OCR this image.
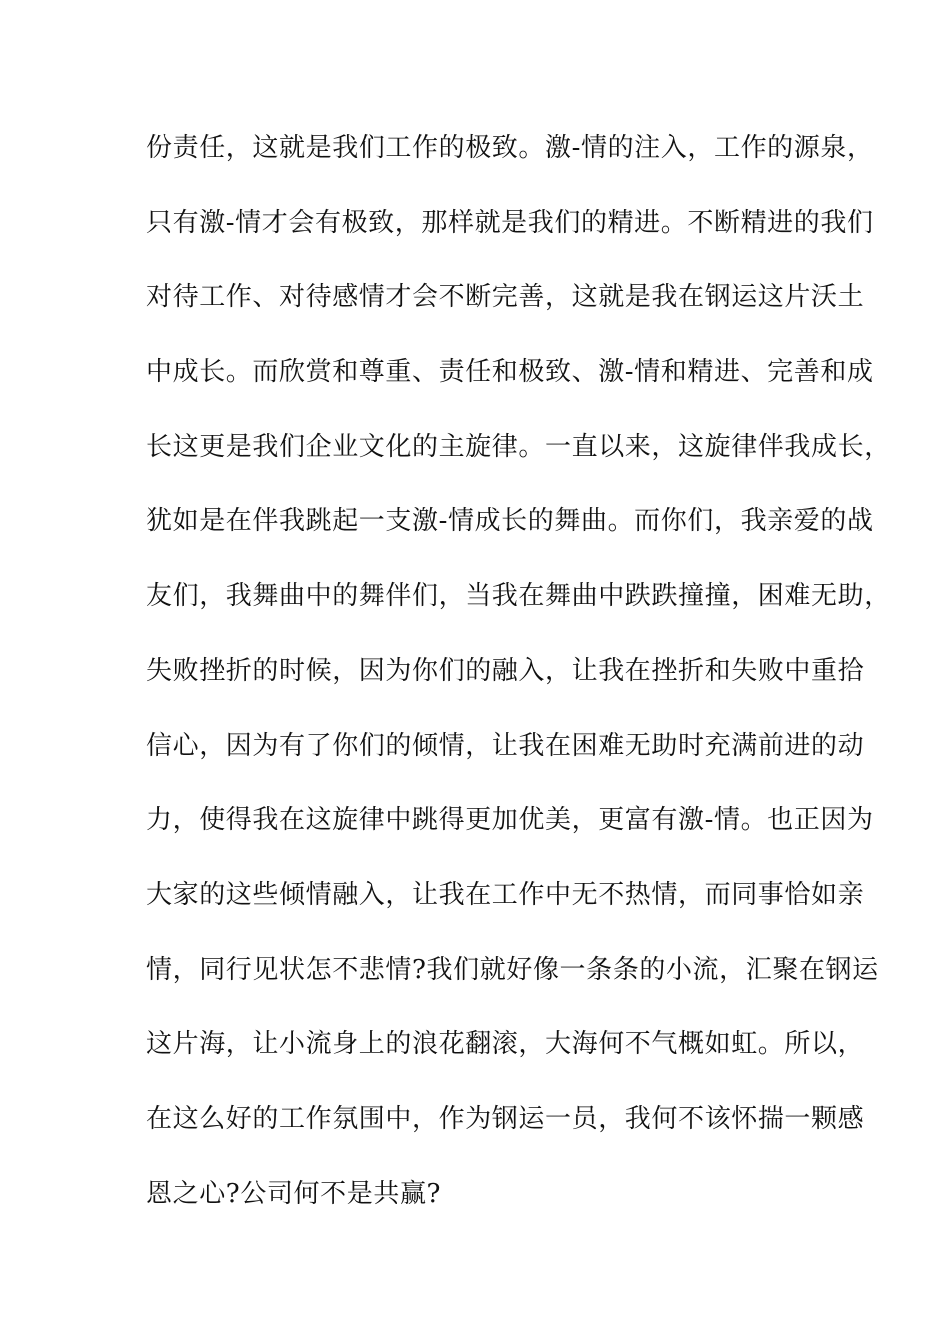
份责任，这就是我们工作的极致。激-情的注入，工作的源泉，
只有激-情才会有极致，那样就是我们的精进。不断精进的我们
对待工作、对待感情才会不断完善，这就是我在钢运这片沃土
中成长。而欣赏和尊重、责任和极致、激-情和精进、完善和成
长这更是我们企业文化的主旋律。一直以来，这旋律伴我成长，
犹如是在伴我跳起一支激-情成长的舞曲。而你们，我亲爱的战
友们，我舞曲中的舞伴们，当我在舞曲中跌跌撞撞，困难无助，
失败挫折的时候，因为你们的融入，让我在挫折和失败中重拾
信心，因为有了你们的倾情，让我在困难无助时充满前进的动
力，使得我在这旋律中跳得更加优美，更富有激-情。也正因为
大家的这些倾情融入，让我在工作中无不热情，而同事恰如亲
情，同行见状怎不悲情?我们就好像一条条的小流，汇聚在钢运
这片海，让小流身上的浪花翻滚，大海何不气概如虹。所以，
在这么好的工作氛围中，作为钢运一员，我何不该怀揣一颗感
恩之心?公司何不是共赢?
